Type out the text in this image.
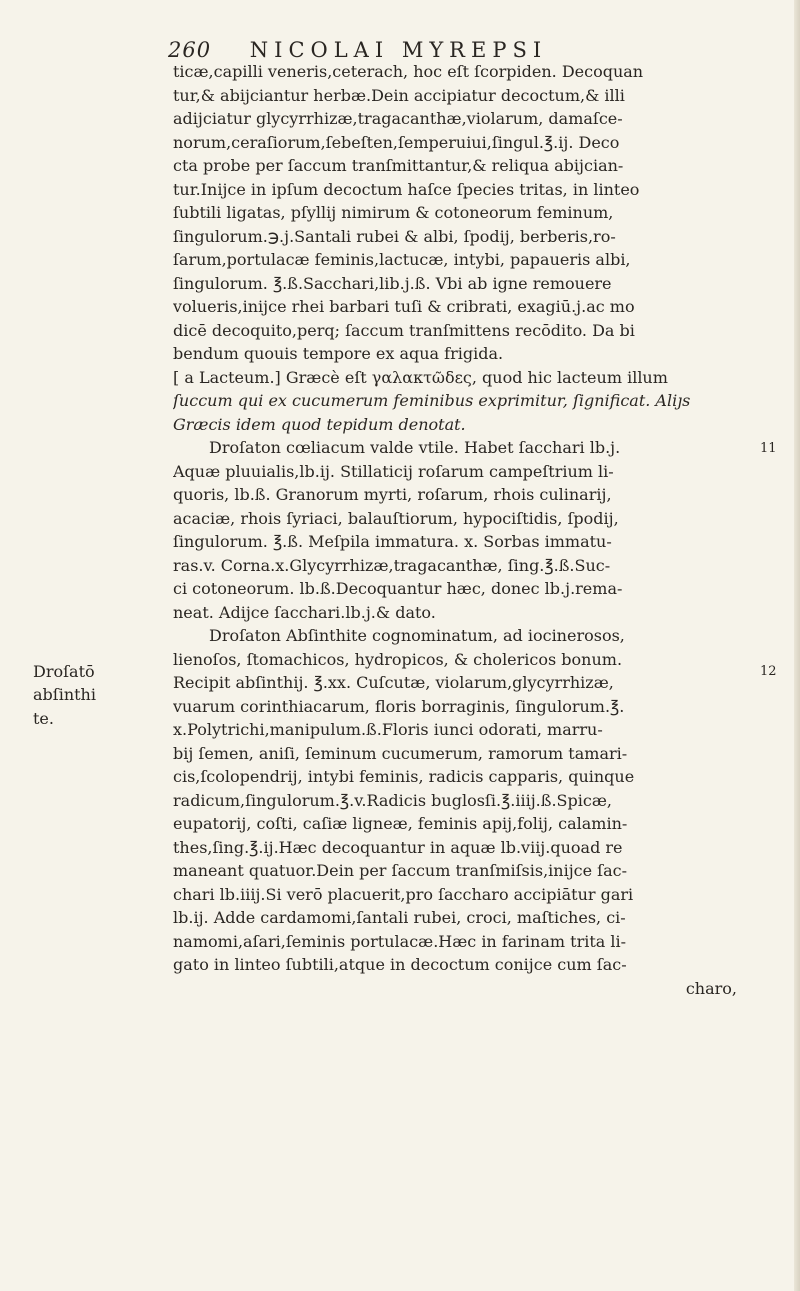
260 NICOLAI MYREPSI
ticæ,capilli veneris,ceterach, hoc eſt ſcorpiden. Decoquan
tur,& abijciantur herbæ.Dein accipiatur decoctum,& illi
adijciatur glycyrrhizæ,tragacanthæ,violarum, damaſce-
norum,ceraſiorum,ſebeſten,ſemperuiui,ſingul.℥.ij. Deco
cta probe per ſaccum tranſmittantur,& reliqua abijcian-
tur.Inijce in ipſum decoctum haſce ſpecies tritas, in linteo
ſubtili ligatas, pſyllij nimirum & cotoneorum feminum,
ſingulorum.℈.j.Santali rubei & albi, ſpodij, berberis,ro-
ſarum,portulacæ feminis,lactucæ, intybi, papaueris albi,
ſingulorum. ℥.ß.Sacchari,lib.j.ß. Vbi ab igne remouere
volueris,inijce rhei barbari tuſi & cribrati, exagiū.j.ac mo
dicē decoquito,perq; ſaccum tranſmittens recōdito. Da bi
bendum quouis tempore ex aqua frigida.
[ a Lacteum.] Græcè eſt γαλακτῶδες, quod hic lacteum illum
ſuccum qui ex cucumerum feminibus exprimitur, ſignificat. Aliȷs
Græcis idem quod tepidum denotat.
Droſaton cœliacum valde vtile. Habet ſacchari lb.j.
Aquæ pluuialis,lb.ij. Stillaticij roſarum campeſtrium li-
quoris, lb.ß. Granorum myrti, roſarum, rhois culinarij,
acaciæ, rhois ſyriaci, balauſtiorum, hypociſtidis, ſpodij,
ſingulorum. ℥.ß. Meſpila immatura. x. Sorbas immatu-
ras.v. Corna.x.Glycyrrhizæ,tragacanthæ, ſing.℥.ß.Suc-
ci cotoneorum. lb.ß.Decoquantur hæc, donec lb.j.rema-
neat. Adijce ſacchari.lb.j.& dato.
Droſaton Abſinthite cognominatum, ad iocinerosos,
lienoſos, ſtomachicos, hydropicos, & cholericos bonum.
Recipit abſinthij. ℥.xx. Cuſcutæ, violarum,glycyrrhizæ,
vuarum corinthiacarum, floris borraginis, ſingulorum.℥.
x.Polytrichi,manipulum.ß.Floris iunci odorati, marru-
bij ſemen, aniſi, ſeminum cucumerum, ramorum tamari-
cis,ſcolopendrij, intybi feminis, radicis capparis, quinque
radicum,ſingulorum.℥.v.Radicis buglosſi.℥.iiij.ß.Spicæ,
eupatorij, coſti, caſiæ ligneæ, feminis apij,folij, calamin-
thes,ſing.℥.ij.Hæc decoquantur in aquæ lb.viij.quoad re
maneant quatuor.Dein per ſaccum tranſmiſsis,inijce ſac-
chari lb.iiij.Si verō placuerit,pro ſaccharo accipiātur gari
lb.ij. Adde cardamomi,ſantali rubei, croci, maſtiches, ci-
namomi,aſari,ſeminis portulacæ.Hæc in farinam trita li-
gato in linteo ſubtili,atque in decoctum conijce cum ſac-
charo,
Droſatō
abſinthi
te.
11
12
